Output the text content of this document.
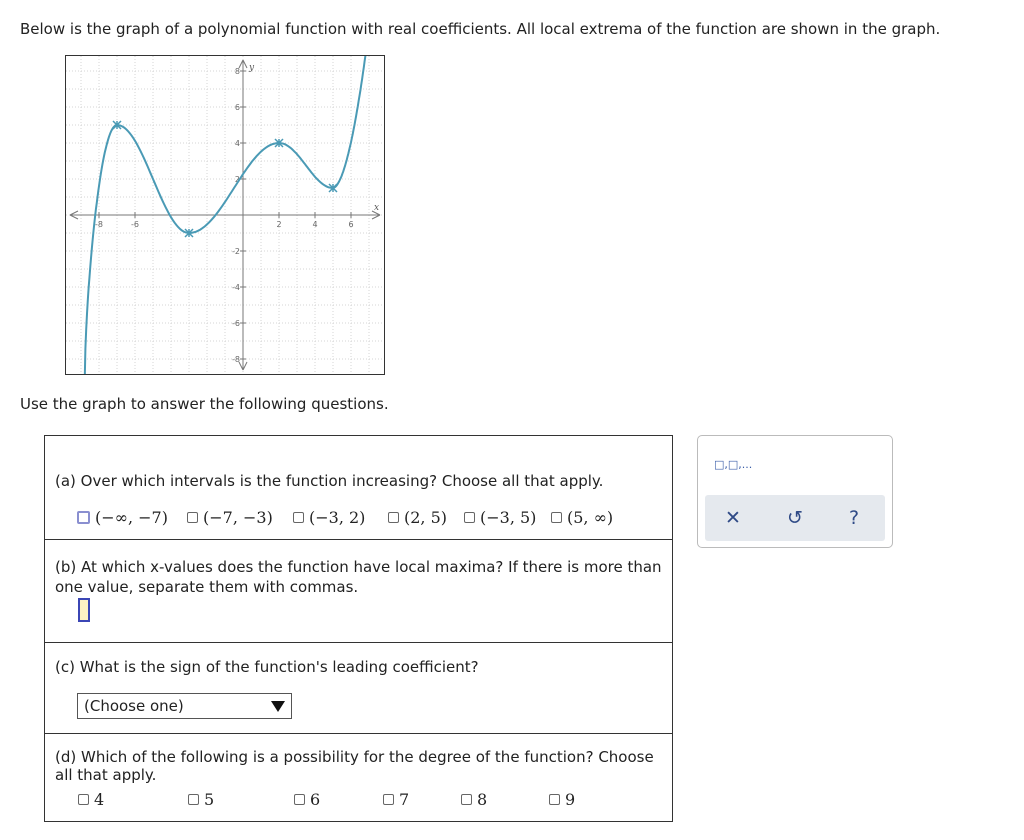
Below is the graph of a polynomial function with real coefficients. All local extrema of the function are shown in the graph.
-8	-6	2	4	6
8
6
4
2
-2
-4
-6
-8
x
y
Use the graph to answer the following questions.
(a) Over which intervals is the function increasing? Choose all that apply.
(−∞, −7) (−7, −3) (−3, 2) (2, 5) (−3, 5) (5, ∞)
(b) At which x-values does the function have local maxima? If there is more than
one value, separate them with commas.
(c) What is the sign of the function's leading coefficient?
(Choose one)
(d) Which of the following is a possibility for the degree of the function? Choose
all that apply.
4	5	6	7	8	9
□,□,...
✕	↺	?
